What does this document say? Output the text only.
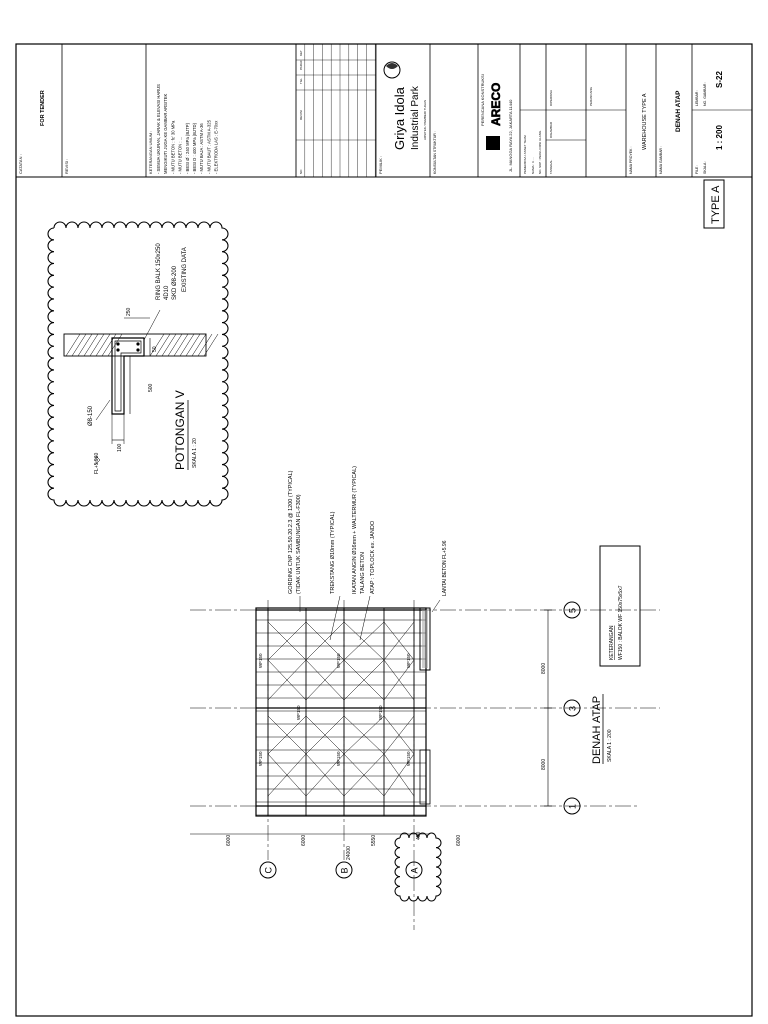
NO
REVISI
TGL
PARAF
KET
CATATAN :
FOR TENDER
REVISI :	KETERANGAN UMUM : - SEMUA UKURAN, JARAK & ELEVASI HARUS MENGIKUTI JUGA KE GAMBAR ARSITEK - MUTU BETON : fc' 30 MPa - MUTU BETON : ... - BESI Ø : 240 MPa (BJTP) - BESI D : 400 MPa (BJTD) - MUTU BAJA : ASTM A-36 - MUTU BAUT : ASTM A-325 - ELEKTRODA LAS : E-70xx	PEMILIK :
Griya Idola Industrial Park ARSITEK / PEMBERI TUGAS
KONSULTAN STRUKTUR :
PERENCANA KONSTRUKSI ARECO JL. MANGGA RAYA 22, JAKARTA 11440	PEMERIKSA / ASSET TEAM NAMA : Ir. ... NO. SKP : PERLU DIISI ULANG TANGGAL
DIGAMBAR
DIPERIKSA	PERANCANG
NAMA PROYEK :
WAREHOUSE TYPE A
NAMA GAMBAR :
DENAH ATAP
FILE : SKALA :
1 : 200
LEMBAR : NO. GAMBAR :
S-22
TYPE A
250
50
500
100
RING BALK 150x250 4D10 SKD Ø8-200 EXISTING DATA
Ø8-150
FL+5.960	POTONGAN V SKALA 1 : 20
WF150
WF150
WF150
WF150
WF150
WF150
WF150	WF150
C	B	A
1
3
5
8000
8000
6000	6000	5550	450	6000
24000
GORDING CNP 125.50.20.2.3 @ 1200 (TYPICAL) (TIDAK UNTUK SAMBUNGAN FL-F300)	TREKSTANG Ø10mm (TYPICAL)	IKATAN ANGIN Ø16mm + WALTERMUR (TYPICAL) TALANG BETON ATAP : TOPLOCK ex. JANDO	LANTAI BETON FL+5.96
KETERANGAN WF150 : BALOK WF 150x75x5x7
DENAH ATAP SKALA 1 : 200
